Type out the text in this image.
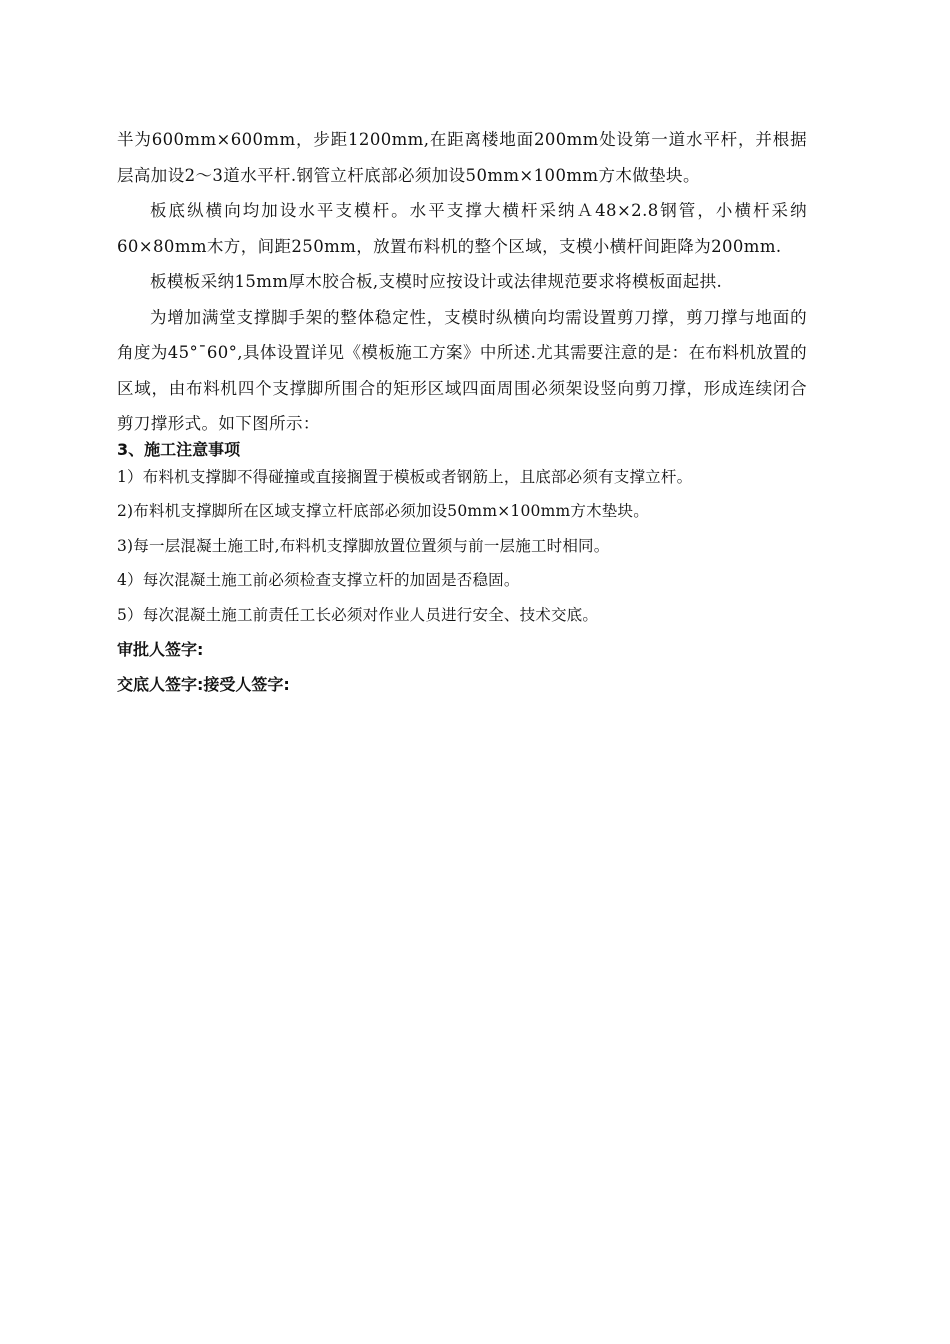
半为600mm×600mm，步距1200mm,在距离楼地面200mm处设第一道水平杆，并根据层高加设2～3道水平杆.钢管立杆底部必须加设50mm×100mm方木做垫块。

板底纵横向均加设水平支模杆。水平支撑大横杆采纳Ａ48×2.8钢管，小横杆采纳60×80mm木方，间距250mm，放置布料机的整个区域，支模小横杆间距降为200mm.

板模板采纳15mm厚木胶合板,支模时应按设计或法律规范要求将模板面起拱.

为增加满堂支撑脚手架的整体稳定性，支模时纵横向均需设置剪刀撑，剪刀撑与地面的角度为45°¯60°,具体设置详见《模板施工方案》中所述.尤其需要注意的是：在布料机放置的区域，由布料机四个支撑脚所围合的矩形区域四面周围必须架设竖向剪刀撑，形成连续闭合剪刀撑形式。如下图所示：

3、施工注意事项

1）布料机支撑脚不得碰撞或直接搁置于模板或者钢筋上，且底部必须有支撑立杆。

2)布料机支撑脚所在区域支撑立杆底部必须加设50mm×100mm方木垫块。

3)每一层混凝土施工时,布料机支撑脚放置位置须与前一层施工时相同。

4）每次混凝土施工前必须检查支撑立杆的加固是否稳固。

5）每次混凝土施工前责任工长必须对作业人员进行安全、技术交底。

审批人签字:

交底人签字:接受人签字:
